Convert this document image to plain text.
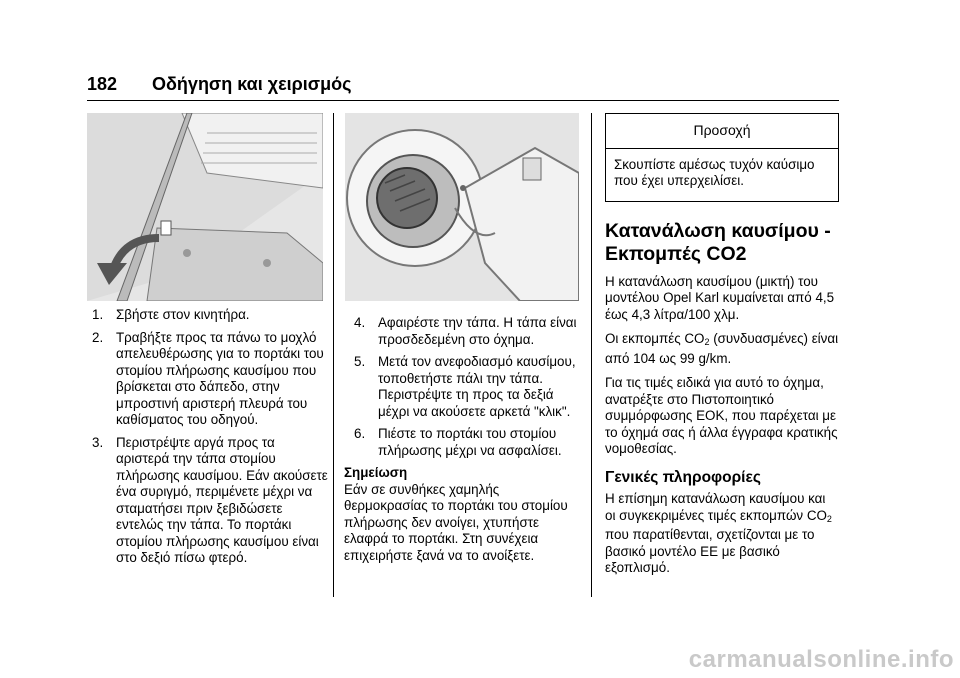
182 Οδήγηση και χειρισμός
1. Σβήστε στον κινητήρα.
2. Τραβήξτε προς τα πάνω το μοχλό απελευθέρωσης για το πορτάκι του στομίου πλήρωσης καυσίμου που βρίσκεται στο δάπεδο, στην μπροστινή αριστερή πλευρά του καθίσματος του οδηγού.
3. Περιστρέψτε αργά προς τα αριστερά την τάπα στομίου πλήρωσης καυσίμου. Εάν ακούσετε ένα συριγμό, περιμένετε μέχρι να σταματήσει πριν ξεβιδώσετε εντελώς την τάπα. Το πορτάκι στομίου πλήρωσης καυσίμου είναι στο δεξιό πίσω φτερό.
4. Αφαιρέστε την τάπα. Η τάπα είναι προσδεδεμένη στο όχημα.
5. Μετά τον ανεφοδιασμό καυσίμου, τοποθετήστε πάλι την τάπα. Περιστρέψτε τη προς τα δεξιά μέχρι να ακούσετε αρκετά "κλικ".
6. Πιέστε το πορτάκι του στομίου πλήρωσης μέχρι να ασφαλίσει.
Σημείωση
Εάν σε συνθήκες χαμηλής θερμοκρασίας το πορτάκι του στομίου πλήρωσης δεν ανοίγει, χτυπήστε ελαφρά το πορτάκι. Στη συνέχεια επιχειρήστε ξανά να το ανοίξετε.
Προσοχή
Σκουπίστε αμέσως τυχόν καύσιμο που έχει υπερχειλίσει.
Κατανάλωση καυσίμου - Εκπομπές CO2
Η κατανάλωση καυσίμου (μικτή) του μοντέλου Opel Karl κυμαίνεται από 4,5 έως 4,3 λίτρα/100 χλμ.
Οι εκπομπές $CO_2$ (συνδυασμένες) είναι από 104 ως 99 g/km.
Για τις τιμές ειδικά για αυτό το όχημα, ανατρέξτε στο Πιστοποιητικό συμμόρφωσης ΕΟΚ, που παρέχεται με το όχημά σας ή άλλα έγγραφα κρατικής νομοθεσίας.
Γενικές πληροφορίες
Η επίσημη κατανάλωση καυσίμου και οι συγκεκριμένες τιμές εκπομπών $CO_2$ που παρατίθενται, σχετίζονται με το βασικό μοντέλο ΕΕ με βασικό εξοπλισμό.
carmanualsonline.info
